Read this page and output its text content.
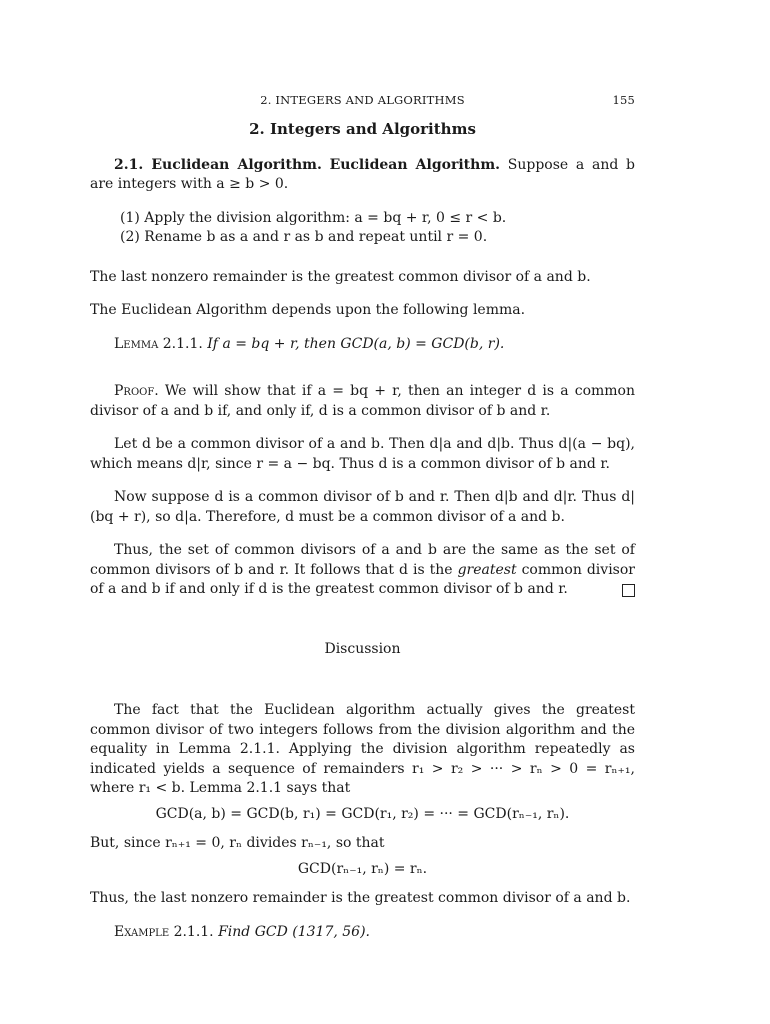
2. INTEGERS AND ALGORITHMS	155
2. Integers and Algorithms

2.1. Euclidean Algorithm. Euclidean Algorithm. Suppose a and b are integers with a ≥ b > 0.

(1) Apply the division algorithm: a = bq + r, 0 ≤ r < b.
(2) Rename b as a and r as b and repeat until r = 0.

The last nonzero remainder is the greatest common divisor of a and b.

The Euclidean Algorithm depends upon the following lemma.

Lemma 2.1.1. If a = bq + r, then GCD(a, b) = GCD(b, r).

Proof. We will show that if a = bq + r, then an integer d is a common divisor of a and b if, and only if, d is a common divisor of b and r.

Let d be a common divisor of a and b. Then d|a and d|b. Thus d|(a − bq), which means d|r, since r = a − bq. Thus d is a common divisor of b and r.

Now suppose d is a common divisor of b and r. Then d|b and d|r. Thus d|(bq + r), so d|a. Therefore, d must be a common divisor of a and b.

Thus, the set of common divisors of a and b are the same as the set of common divisors of b and r. It follows that d is the greatest common divisor of a and b if and only if d is the greatest common divisor of b and r.

Discussion

The fact that the Euclidean algorithm actually gives the greatest common divisor of two integers follows from the division algorithm and the equality in Lemma 2.1.1. Applying the division algorithm repeatedly as indicated yields a sequence of remainders r₁ > r₂ > ··· > rₙ > 0 = rₙ₊₁, where r₁ < b. Lemma 2.1.1 says that

GCD(a, b) = GCD(b, r₁) = GCD(r₁, r₂) = ··· = GCD(rₙ₋₁, rₙ).

But, since rₙ₊₁ = 0, rₙ divides rₙ₋₁, so that

GCD(rₙ₋₁, rₙ) = rₙ.

Thus, the last nonzero remainder is the greatest common divisor of a and b.

Example 2.1.1. Find GCD (1317, 56).
